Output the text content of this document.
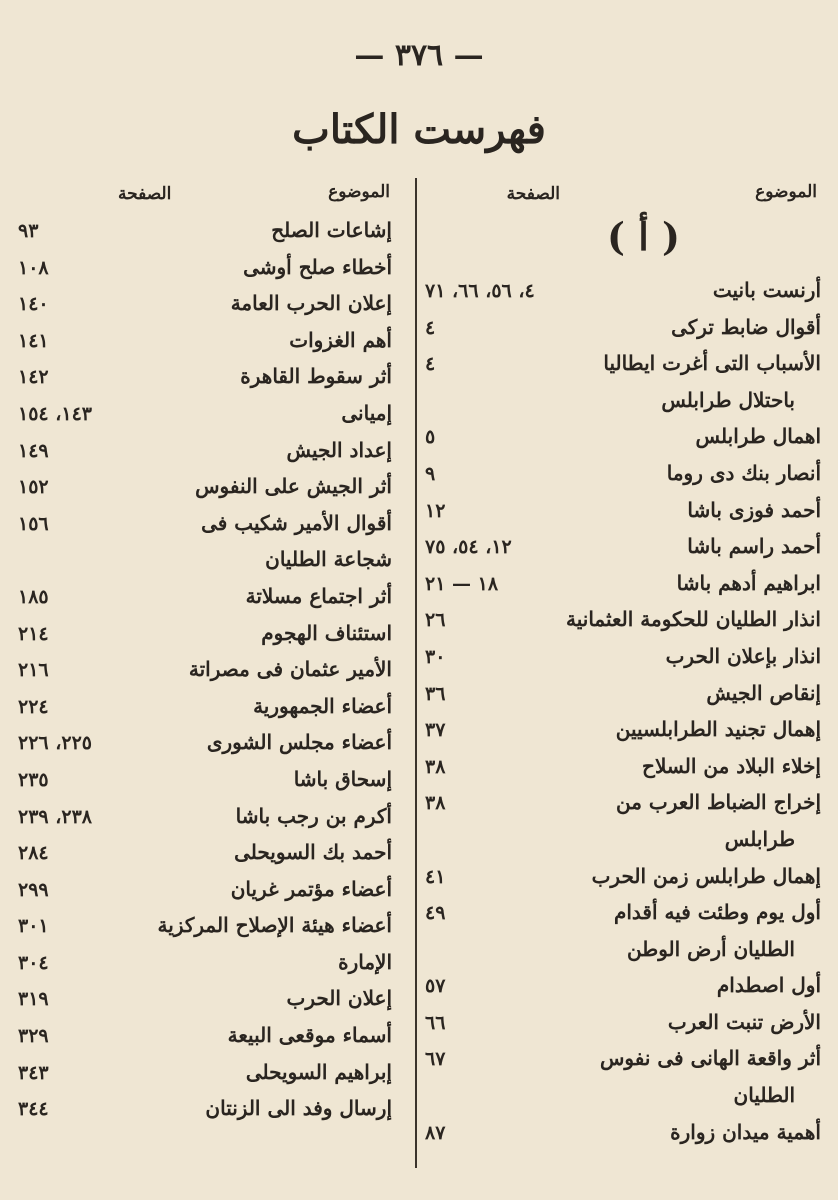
— ٣٧٦ —
فهرست الكتاب
الموضوع
الصفحة
( أ )
أرنست بانيت
٤، ٥٦، ٦٦، ٧١
أقوال ضابط تركى
٤
الأسباب التى أغرت ايطاليا
٤
باحتلال طرابلس
اهمال طرابلس
٥
أنصار بنك دى روما
٩
أحمد فوزى باشا
١٢
أحمد راسم باشا
١٢، ٥٤، ٧٥
ابراهيم أدهم باشا
١٨ — ٢١
انذار الطليان للحكومة العثمانية
٢٦
انذار بإعلان الحرب
٣٠
إنقاص الجيش
٣٦
إهمال تجنيد الطرابلسيين
٣٧
إخلاء البلاد من السلاح
٣٨
إخراج الضباط العرب من
٣٨
طرابلس
إهمال طرابلس زمن الحرب
٤١
أول يوم وطئت فيه أقدام
٤٩
الطليان أرض الوطن
أول اصطدام
٥٧
الأرض تنبت العرب
٦٦
أثر واقعة الهانى فى نفوس
٦٧
الطليان
أهمية ميدان زوارة
٨٧
الموضوع
الصفحة
إشاعات الصلح
٩٣
أخطاء صلح أوشى
١٠٨
إعلان الحرب العامة
١٤٠
أهم الغزوات
١٤١
أثر سقوط القاهرة
١٤٢
إميانى
١٤٣، ١٥٤
إعداد الجيش
١٤٩
أثر الجيش على النفوس
١٥٢
أقوال الأمير شكيب فى
١٥٦
شجاعة الطليان
أثر اجتماع مسلاتة
١٨٥
استئناف الهجوم
٢١٤
الأمير عثمان فى مصراتة
٢١٦
أعضاء الجمهورية
٢٢٤
أعضاء مجلس الشورى
٢٢٥، ٢٢٦
إسحاق باشا
٢٣٥
أكرم بن رجب باشا
٢٣٨، ٢٣٩
أحمد بك السويحلى
٢٨٤
أعضاء مؤتمر غريان
٢٩٩
أعضاء هيئة الإصلاح المركزية
٣٠١
الإمارة
٣٠٤
إعلان الحرب
٣١٩
أسماء موقعى البيعة
٣٢٩
إبراهيم السويحلى
٣٤٣
إرسال وفد الى الزنتان
٣٤٤
